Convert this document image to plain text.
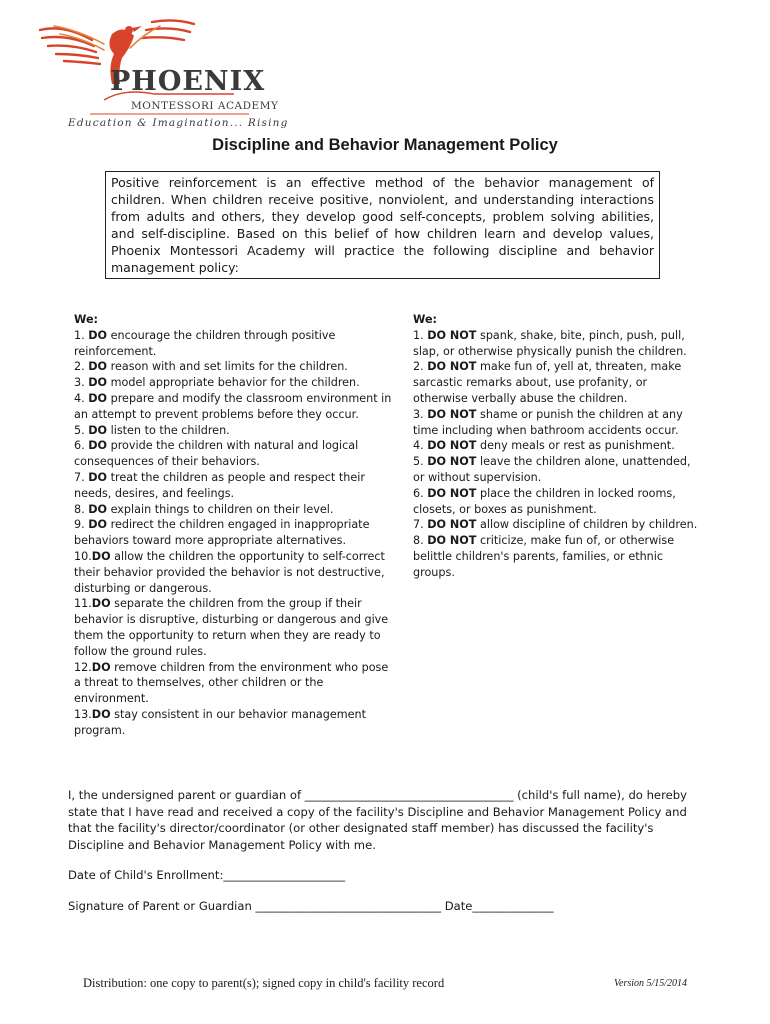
PHOENIX
MONTESSORI ACADEMY
Education & Imagination... Rising
Discipline and Behavior Management Policy
Positive reinforcement is an effective method of the behavior management of children. When children receive positive, nonviolent, and understanding interactions from adults and others, they develop good self-concepts, problem solving abilities, and self-discipline. Based on this belief of how children learn and develop values, Phoenix Montessori Academy will practice the following discipline and behavior management policy:
We:
1. DO encourage the children through positive reinforcement.
2. DO reason with and set limits for the children.
3. DO model appropriate behavior for the children.
4. DO prepare and modify the classroom environment in an attempt to prevent problems before they occur.
5. DO listen to the children.
6. DO provide the children with natural and logical consequences of their behaviors.
7. DO treat the children as people and respect their needs, desires, and feelings.
8. DO explain things to children on their level.
9. DO redirect the children engaged in inappropriate behaviors toward more appropriate alternatives.
10.DO allow the children the opportunity to self-correct their behavior provided the behavior is not destructive, disturbing or dangerous.
11.DO separate the children from the group if their behavior is disruptive, disturbing or dangerous and give them the opportunity to return when they are ready to follow the ground rules.
12.DO remove children from the environment who pose a threat to themselves, other children or the environment.
13.DO stay consistent in our behavior management program.
We:
1. DO NOT spank, shake, bite, pinch, push, pull, slap, or otherwise physically punish the children.
2. DO NOT make fun of, yell at, threaten, make sarcastic remarks about, use profanity, or otherwise verbally abuse the children.
3. DO NOT shame or punish the children at any time including when bathroom accidents occur.
4. DO NOT deny meals or rest as punishment.
5. DO NOT leave the children alone, unattended, or without supervision.
6. DO NOT place the children in locked rooms, closets, or boxes as punishment.
7. DO NOT allow discipline of children by children.
8. DO NOT criticize, make fun of, or otherwise belittle children's parents, families, or ethnic groups.
I, the undersigned parent or guardian of ____________________________________ (child's full name), do hereby state that I have read and received a copy of the facility's Discipline and Behavior Management Policy and that the facility's director/coordinator (or other designated staff member) has discussed the facility's Discipline and Behavior Management Policy with me.
Date of Child's Enrollment:_____________________
Signature of Parent or Guardian ________________________________ Date______________
Distribution: one copy to parent(s); signed copy in child's facility record	Version 5/15/2014
